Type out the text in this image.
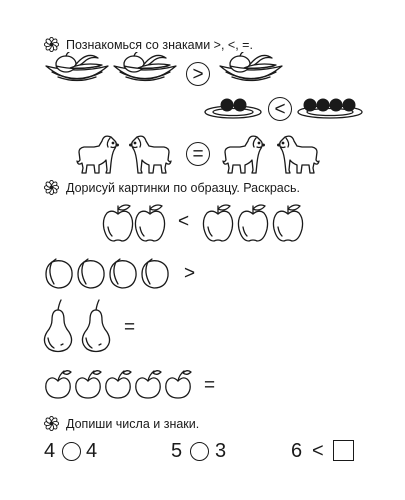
Познакомься со знаками >, <, =.
>
<
=
Дорисуй картинки по образцу. Раскрась.
<
>
=
=
Допиши числа и знаки.
4 4	5 3	6 <
